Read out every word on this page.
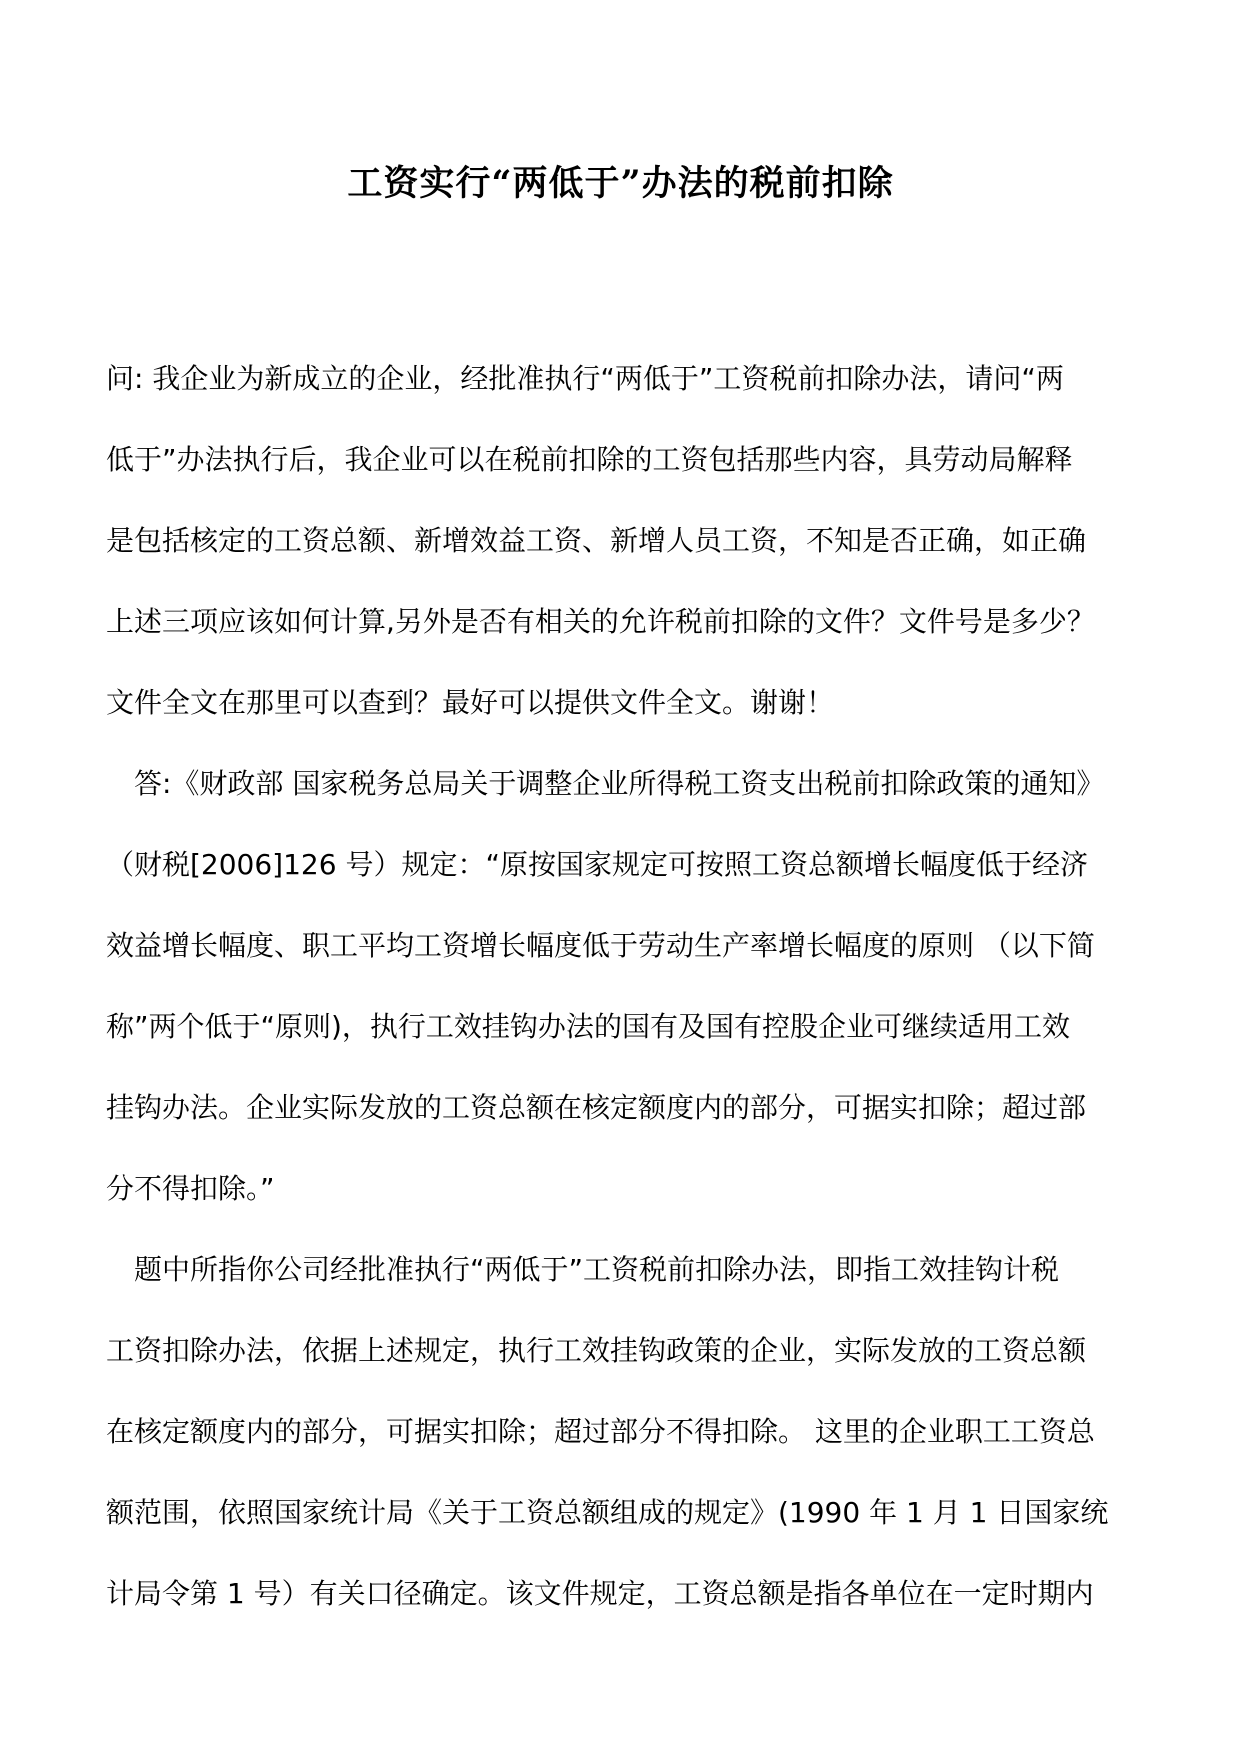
工资实行“两低于”办法的税前扣除
问: 我企业为新成立的企业，经批准执行“两低于”工资税前扣除办法，请问“两
低于”办法执行后，我企业可以在税前扣除的工资包括那些内容，具劳动局解释
是包括核定的工资总额、新增效益工资、新增人员工资，不知是否正确，如正确
上述三项应该如何计算,另外是否有相关的允许税前扣除的文件？文件号是多少？
文件全文在那里可以查到？最好可以提供文件全文。谢谢！
答:《财政部 国家税务总局关于调整企业所得税工资支出税前扣除政策的通知》
（财税[2006]126 号）规定：“原按国家规定可按照工资总额增长幅度低于经济
效益增长幅度、职工平均工资增长幅度低于劳动生产率增长幅度的原则 （以下简
称”两个低于“原则)，执行工效挂钩办法的国有及国有控股企业可继续适用工效
挂钩办法。企业实际发放的工资总额在核定额度内的部分，可据实扣除；超过部
分不得扣除。”
题中所指你公司经批准执行“两低于”工资税前扣除办法，即指工效挂钩计税
工资扣除办法，依据上述规定，执行工效挂钩政策的企业，实际发放的工资总额
在核定额度内的部分，可据实扣除；超过部分不得扣除。 这里的企业职工工资总
额范围，依照国家统计局《关于工资总额组成的规定》(1990 年 1 月 1 日国家统
计局令第 1 号）有关口径确定。该文件规定，工资总额是指各单位在一定时期内
